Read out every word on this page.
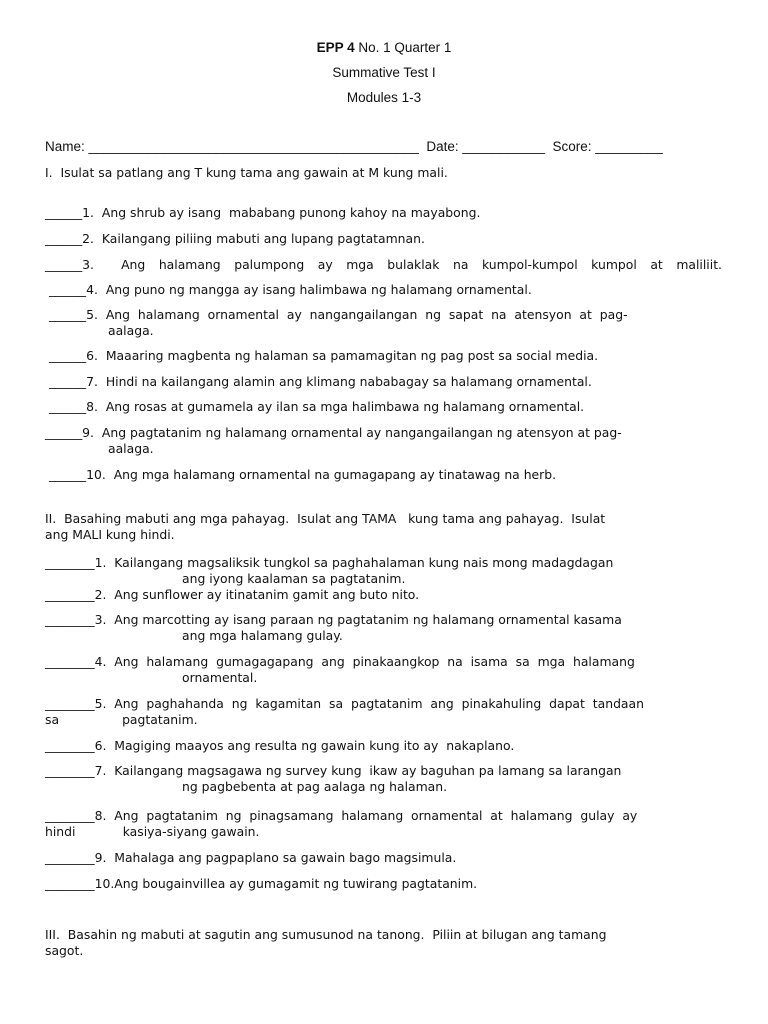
EPP 4 No. 1 Quarter 1
Summative Test I
Modules 1-3
Name: ____________________________________________  Date: ___________  Score: _________
I.  Isulat sa patlang ang T kung tama ang gawain at M kung mali.
______1.  Ang shrub ay isang  mababang punong kahoy na mayabong.
______2.  Kailangang piliing mabuti ang lupang pagtatamnan.
______3.  Ang halamang palumpong ay mga bulaklak na kumpol-kumpol kumpol at maliliit.
______4.  Ang puno ng mangga ay isang halimbawa ng halamang ornamental.
______5.  Ang  halamang  ornamental  ay  nangangailangan  ng  sapat  na  atensyon  at  pag-
aalaga.
______6.  Maaaring magbenta ng halaman sa pamamagitan ng pag post sa social media.
______7.  Hindi na kailangang alamin ang klimang nababagay sa halamang ornamental.
______8.  Ang rosas at gumamela ay ilan sa mga halimbawa ng halamang ornamental.
______9.  Ang pagtatanim ng halamang ornamental ay nangangailangan ng atensyon at pag-
aalaga.
______10.  Ang mga halamang ornamental na gumagapang ay tinatawag na herb.
II.  Basahing mabuti ang mga pahayag.  Isulat ang TAMA   kung tama ang pahayag.  Isulat
ang MALI kung hindi.
________1.  Kailangang magsaliksik tungkol sa paghahalaman kung nais mong madagdagan
ang iyong kaalaman sa pagtatanim.
________2.  Ang sunflower ay itinatanim gamit ang buto nito.
________3.  Ang marcotting ay isang paraan ng pagtatanim ng halamang ornamental kasama
ang mga halamang gulay.
________4.  Ang  halamang  gumagagapang  ang  pinakaangkop  na  isama  sa  mga  halamang
ornamental.
________5.  Ang  paghahanda  ng  kagamitan  sa  pagtatanim  ang  pinakahuling  dapat  tandaan
sa                pagtatanim.
________6.  Magiging maayos ang resulta ng gawain kung ito ay  nakaplano.
________7.  Kailangang magsagawa ng survey kung  ikaw ay baguhan pa lamang sa larangan
ng pagbebenta at pag aalaga ng halaman.
________8.  Ang  pagtatanim  ng  pinagsamang  halamang  ornamental  at  halamang  gulay  ay
hindi            kasiya-siyang gawain.
________9.  Mahalaga ang pagpaplano sa gawain bago magsimula.
________10.Ang bougainvillea ay gumagamit ng tuwirang pagtatanim.
III.  Basahin ng mabuti at sagutin ang sumusunod na tanong.  Piliin at bilugan ang tamang
sagot.
